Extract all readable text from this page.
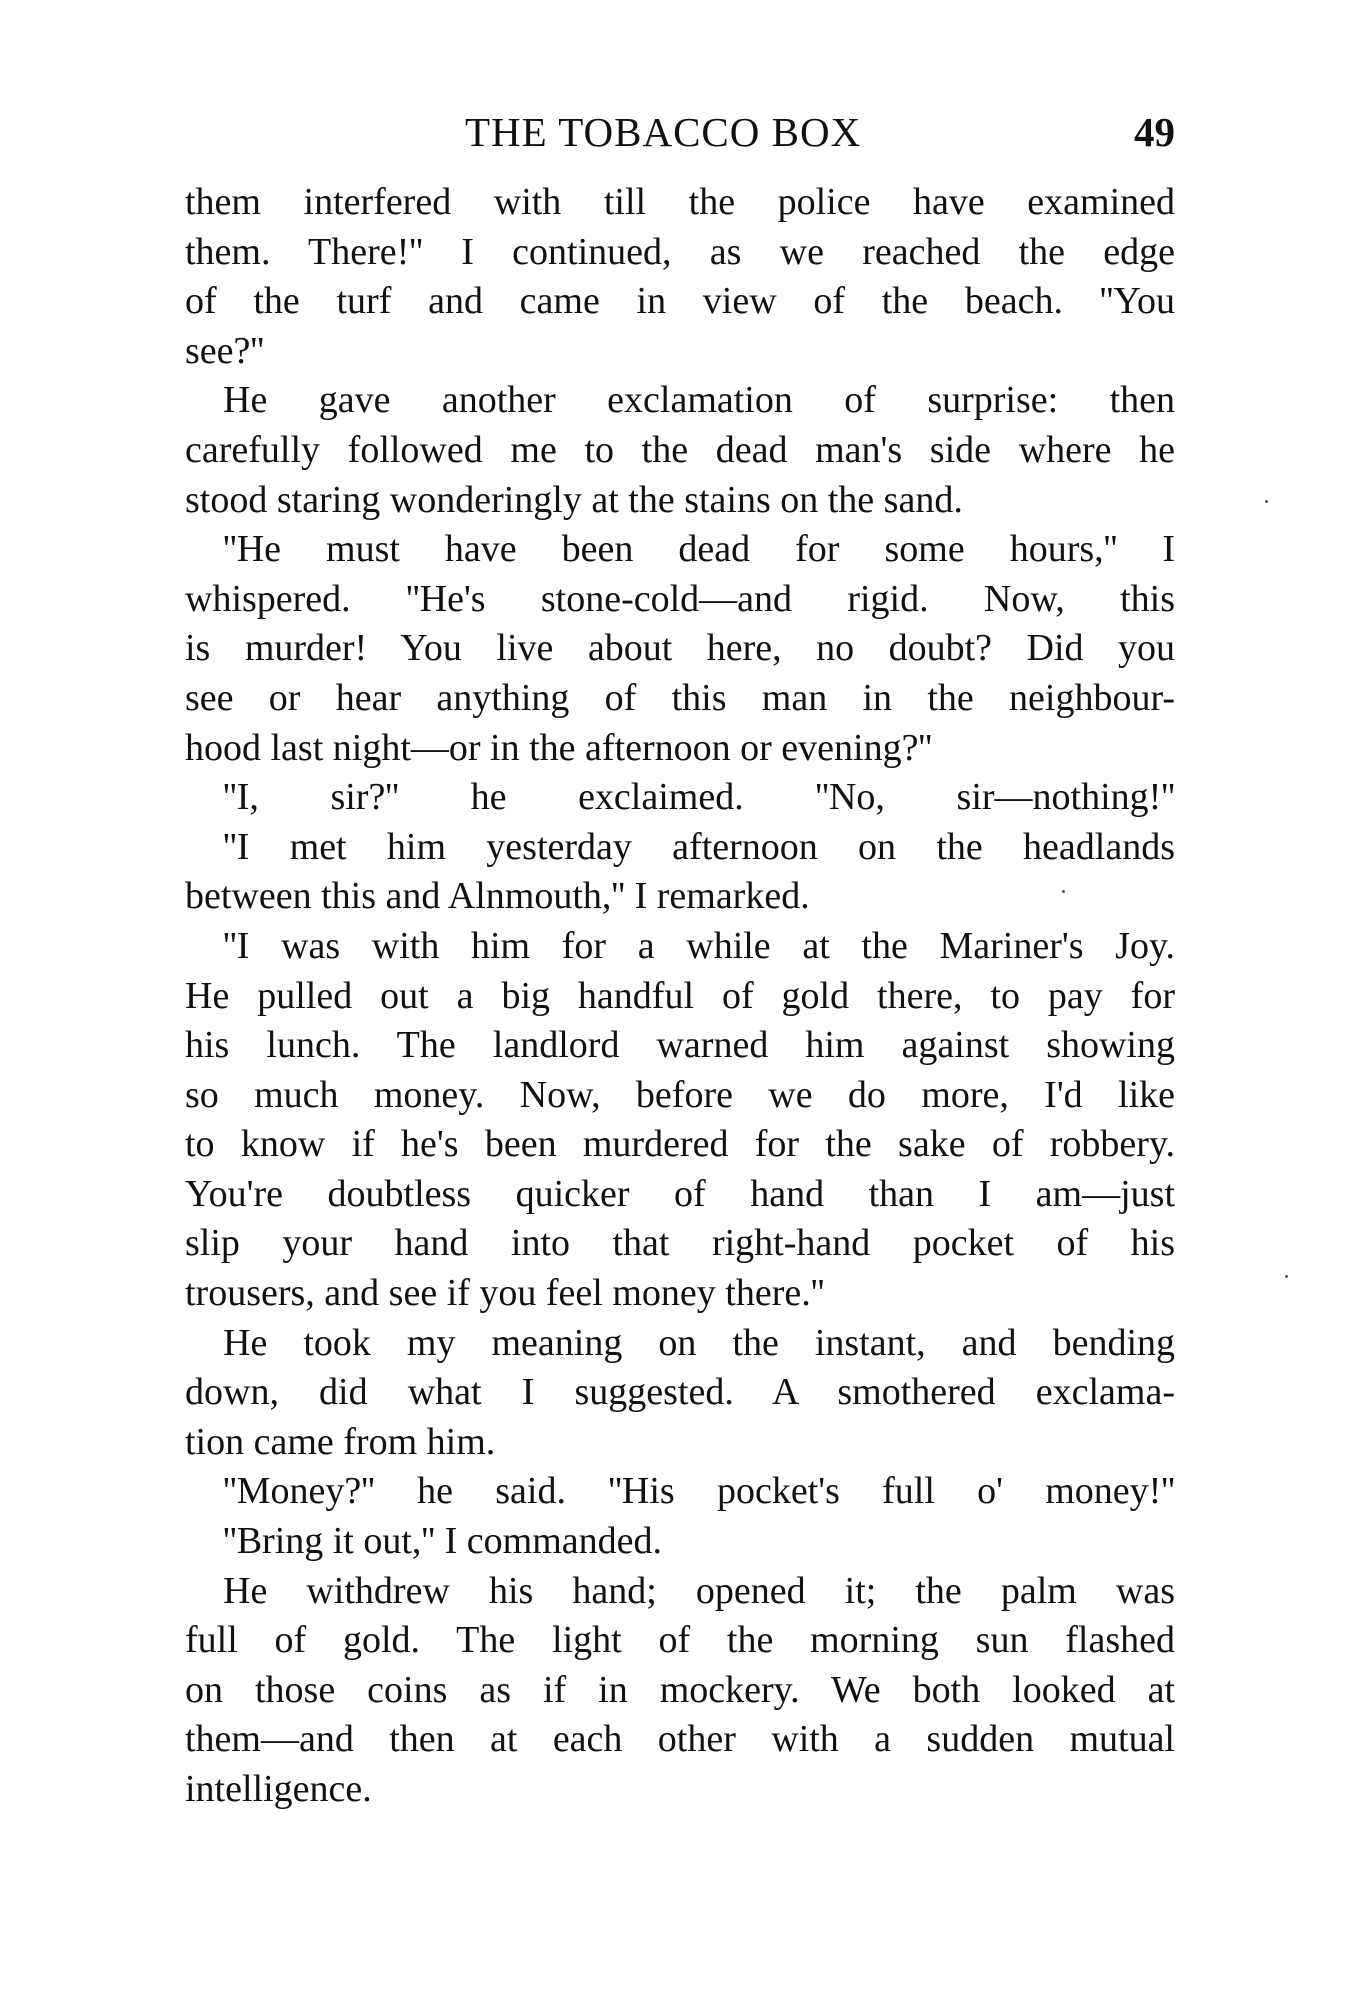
THE TOBACCO BOX	49
them interfered with till the police have examined
them. There!'' I continued, as we reached the edge
of the turf and came in view of the beach. ''You
see?''
He gave another exclamation of surprise: then
carefully followed me to the dead man's side where he
stood staring wonderingly at the stains on the sand.
''He must have been dead for some hours,'' I
whispered. ''He's stone-cold—and rigid. Now, this
is murder! You live about here, no doubt? Did you
see or hear anything of this man in the neighbour-
hood last night—or in the afternoon or evening?''
''I, sir?'' he exclaimed. ''No, sir—nothing!''
''I met him yesterday afternoon on the headlands
between this and Alnmouth,'' I remarked.
''I was with him for a while at the Mariner's Joy.
He pulled out a big handful of gold there, to pay for
his lunch. The landlord warned him against showing
so much money. Now, before we do more, I'd like
to know if he's been murdered for the sake of robbery.
You're doubtless quicker of hand than I am—just
slip your hand into that right-hand pocket of his
trousers, and see if you feel money there.''
He took my meaning on the instant, and bending
down, did what I suggested. A smothered exclama-
tion came from him.
''Money?'' he said. ''His pocket's full o' money!''
''Bring it out,'' I commanded.
He withdrew his hand; opened it; the palm was
full of gold. The light of the morning sun flashed
on those coins as if in mockery. We both looked at
them—and then at each other with a sudden mutual
intelligence.
